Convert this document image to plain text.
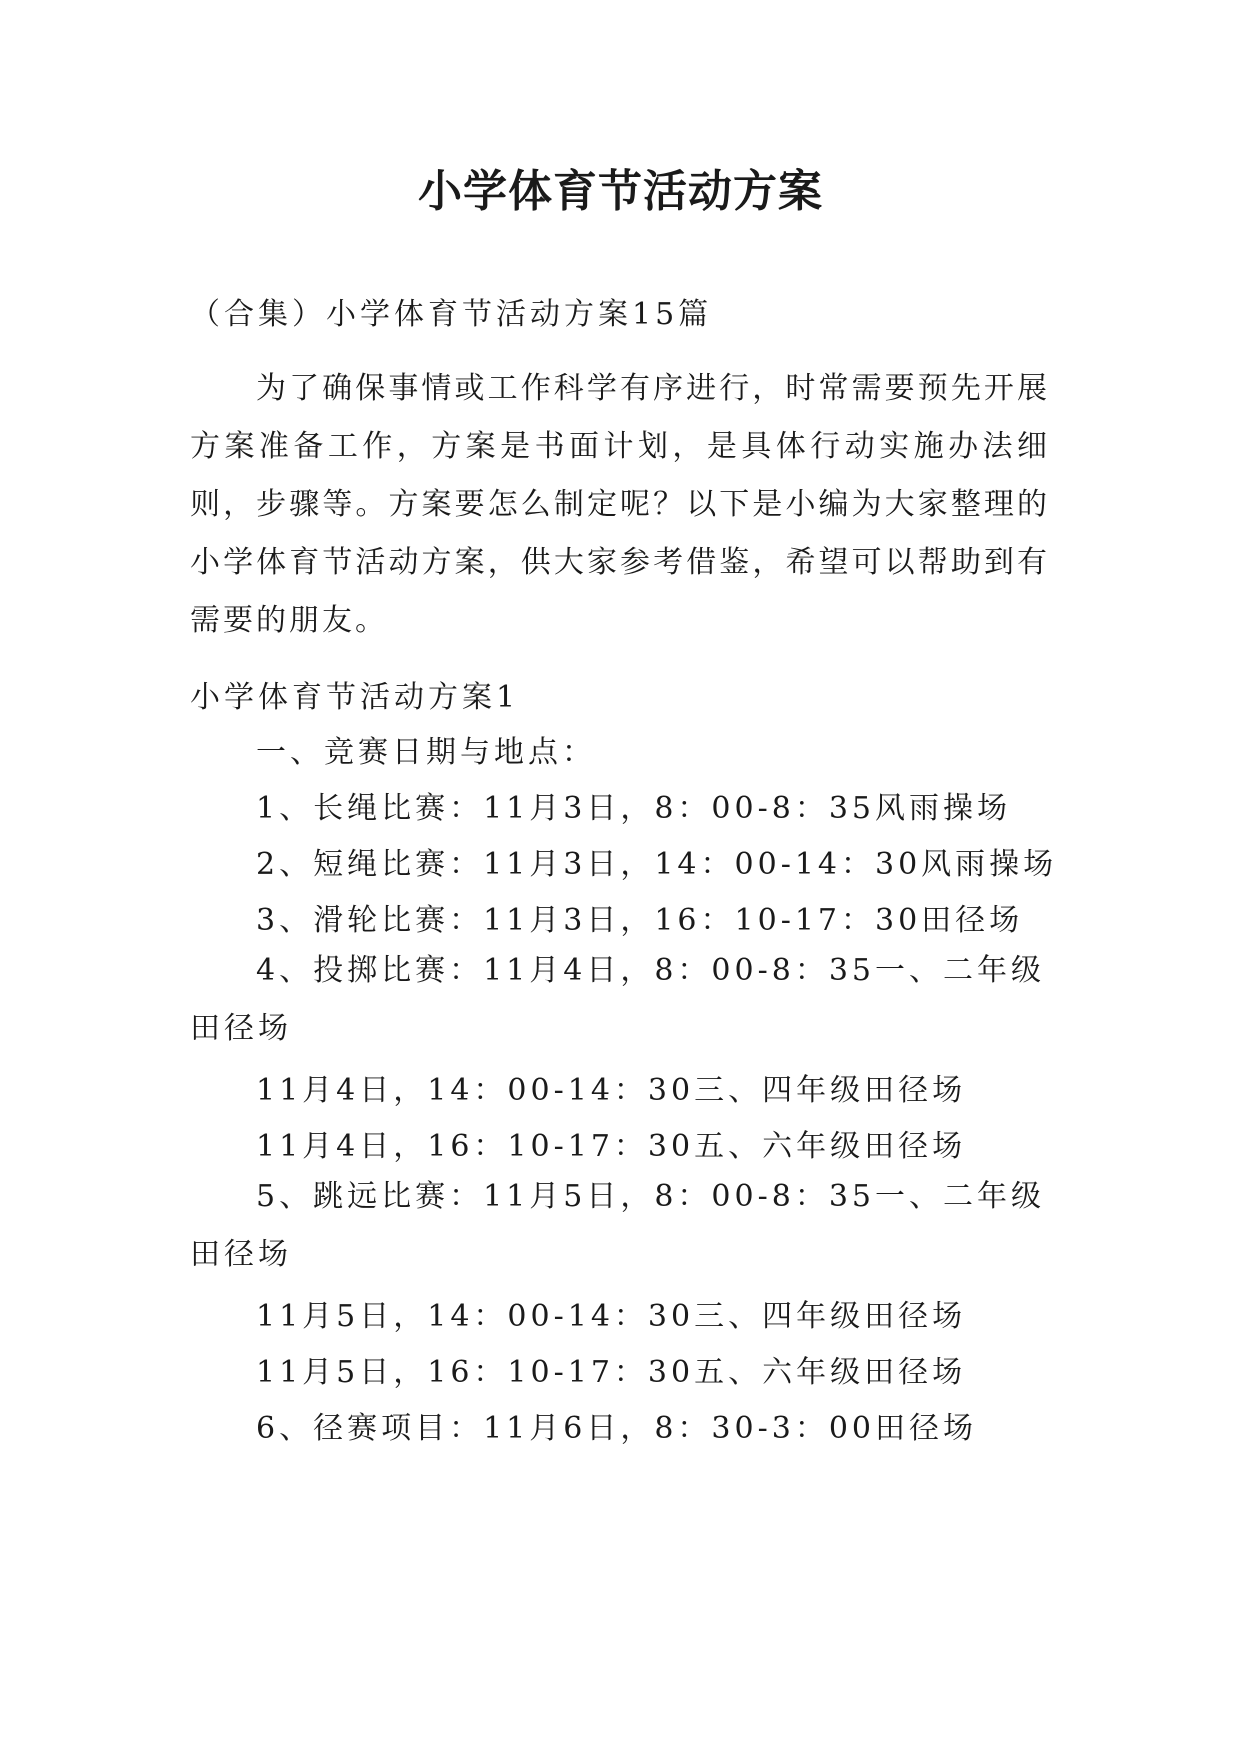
小学体育节活动方案

（合集）小学体育节活动方案15篇

为了确保事情或工作科学有序进行，时常需要预先开展方案准备工作，方案是书面计划，是具体行动实施办法细则，步骤等。方案要怎么制定呢？以下是小编为大家整理的小学体育节活动方案，供大家参考借鉴，希望可以帮助到有需要的朋友。

小学体育节活动方案1

一、竞赛日期与地点：

1、长绳比赛：11月3日，8：00-8：35风雨操场

2、短绳比赛：11月3日，14：00-14：30风雨操场

3、滑轮比赛：11月3日，16：10-17：30田径场

4、投掷比赛：11月4日，8：00-8：35一、二年级田径场

11月4日，14：00-14：30三、四年级田径场

11月4日，16：10-17：30五、六年级田径场

5、跳远比赛：11月5日，8：00-8：35一、二年级田径场

11月5日，14：00-14：30三、四年级田径场

11月5日，16：10-17：30五、六年级田径场

6、径赛项目：11月6日，8：30-3：00田径场
